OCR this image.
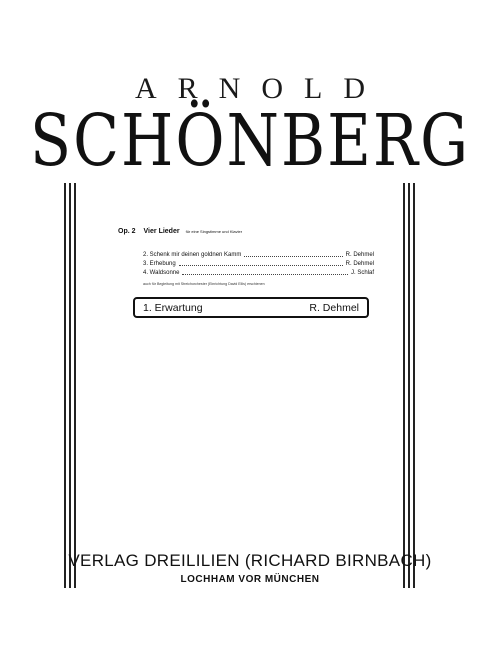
ARNOLD
SCHÖNBERG
Op. 2 Vier Lieder für eine Singstimme und Klavier
2. Schenk mir deinen goldnen Kamm	R. Dehmel
3. Erhebung	R. Dehmel
4. Waldsonne	J. Schlaf
auch für Begleitung mit Streichorchester (Einrichtung David Ellis) erschienen
1. Erwartung	R. Dehmel
VERLAG DREILILIEN (RICHARD BIRNBACH)
LOCHHAM VOR MÜNCHEN
